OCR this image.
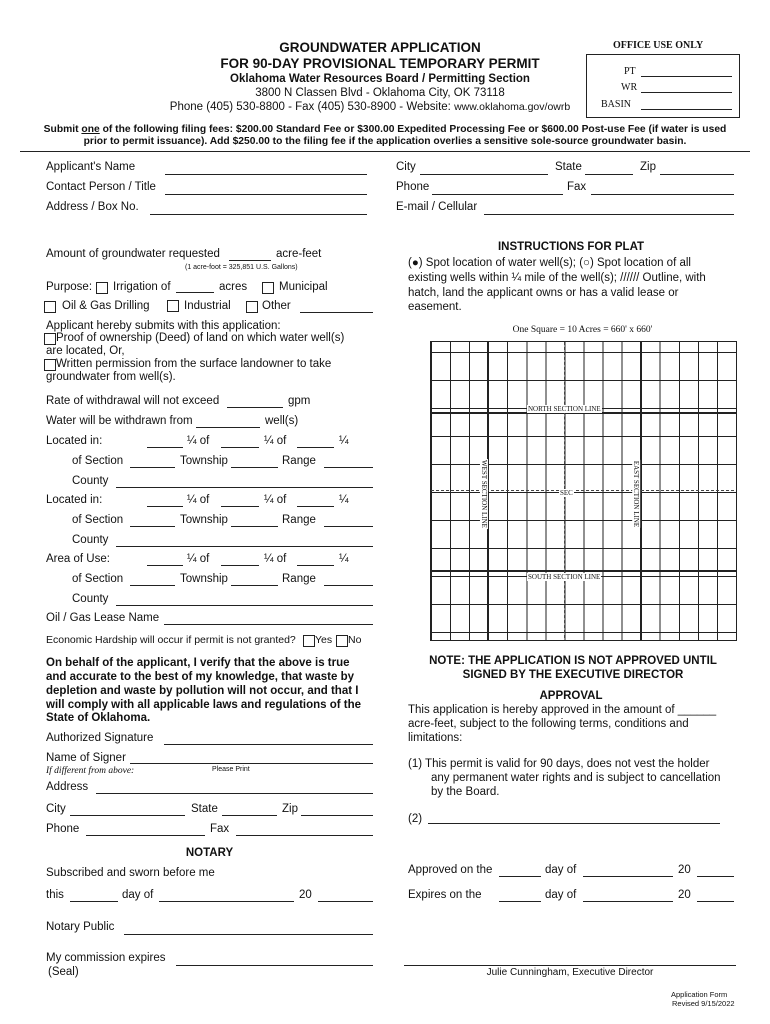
GROUNDWATER APPLICATION
FOR 90-DAY PROVISIONAL TEMPORARY PERMIT
Oklahoma Water Resources Board / Permitting Section
3800 N Classen Blvd - Oklahoma City, OK 73118
Phone (405) 530-8800 - Fax (405) 530-8900 - Website: www.oklahoma.gov/owrb
OFFICE USE ONLY
PT
WR
BASIN
Submit one of the following filing fees: $200.00 Standard Fee or $300.00 Expedited Processing Fee or $600.00 Post-use Fee (if water is used
prior to permit issuance). Add $250.00 to the filing fee if the application overlies a sensitive sole-source groundwater basin.
Applicant's Name
Contact Person / Title
Address / Box No.
City	State	Zip
Phone	Fax
E-mail / Cellular
Amount of groundwater requested	acre-feet
(1 acre-foot = 325,851 U.S. Gallons)
Purpose: Irrigation of	acres	Municipal
Oil & Gas Drilling	Industrial	Other
Applicant hereby submits with this application:
Proof of ownership (Deed) of land on which water well(s)
are located, Or,
Written permission from the surface landowner to take
groundwater from well(s).
Rate of withdrawal will not exceed	gpm
Water will be withdrawn from	well(s)
Located in:	¼ of	¼ of	¼
of Section	Township	Range
County
Located in:	¼ of	¼ of	¼
of Section	Township	Range
County
Area of Use:	¼ of	¼ of	¼
of Section	Township	Range
County
Oil / Gas Lease Name
Economic Hardship will occur if permit is not granted? Yes No
On behalf of the applicant, I verify that the above is true
and accurate to the best of my knowledge, that waste by
depletion and waste by pollution will not occur, and that I
will comply with all applicable laws and regulations of the
State of Oklahoma.
Authorized Signature
Name of Signer
If different from above:	Please Print
Address
City	State	Zip
Phone	Fax
NOTARY
Subscribed and sworn before me
this	day of	20
Notary Public
My commission expires
(Seal)
INSTRUCTIONS FOR PLAT
(●) Spot location of water well(s); (○) Spot location of all
existing wells within ¼ mile of the well(s); ////// Outline, with
hatch, land the applicant owns or has a valid lease or
easement.
One Square = 10 Acres = 660' x 660'
NORTH SECTION LINE
SOUTH SECTION LINE
SEC
WEST SECTION LINE	EAST SECTION LINE
NOTE: THE APPLICATION IS NOT APPROVED UNTIL
SIGNED BY THE EXECUTIVE DIRECTOR
APPROVAL
This application is hereby approved in the amount of ______
acre-feet, subject to the following terms, conditions and
limitations:
(1) This permit is valid for 90 days, does not vest the holder
any permanent water rights and is subject to cancellation
by the Board.
(2)
Approved on the	day of	20
Expires on the	day of	20
Julie Cunningham, Executive Director
Application Form
Revised 9/15/2022
